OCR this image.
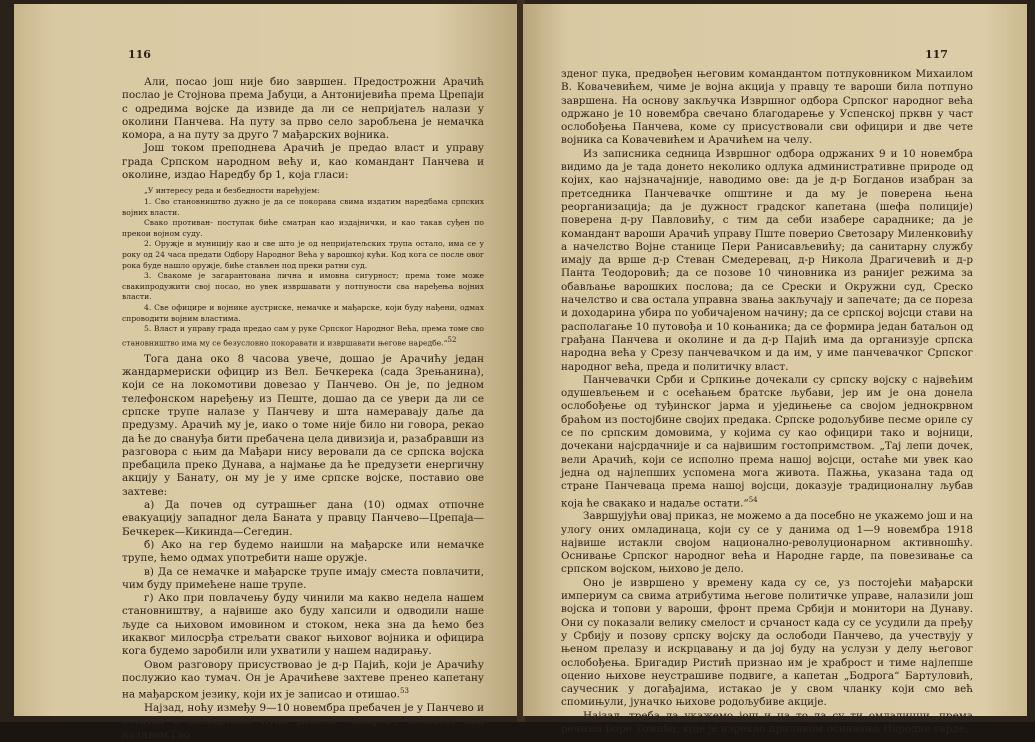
116

Али, посао још није био завршен. Предострожни Арачић послао је Стојнова према Јабуци, а Антонијевића према Црепаји с одредима војске да извиде да ли се непријатељ налази у околини Панчева. На путу за прво село заробљена је немачка комора, а на путу за друго 7 мађарских војника.

Још током преподнева Арачић је предао власт и управу града Српском народном већу и, као командант Панчева и околине, издао Наредбу бр 1, која гласи:

„У интересу реда и безбедности наређујем:

1. Сво становништво дужно је да се покорава свима издатим наредбама српских војних власти.

Свако противан- поступак биће сматран као издајнички, и као такав суђен по прекои војном суду.

2. Оружје и муницију као и све што је од непријатељских трупа остало, има се у року од 24 часа предати Одбору Народног Већа у варошкој кући. Код кога се после овог рока буде нашло оружје, биће стављен под преки ратни суд.

3. Свакоме је загарантована лична и имовна сигурност; према томе може свакипродужити свој посао, но увек извршавати у потпуности сва наређења војних власти.

4. Све официре и војнике аустриске, немачке и мађарске, који буду нађени, одмах спроводити војним властима.

5. Власт и управу града предао сам у руке Српског Народног Већа, према томе сво становништво има му се безусловно покоравати и извршавати његове наредбе.“52

Тога дана око 8 часова увече, дошао је Арачићу један жандармериски официр из Вел. Бечкерека (сада Зрењанина), који се на локомотиви довезао у Панчево. Он је, по једном телефонском наређењу из Пеште, дошао да се увери да ли се српске трупе налазе у Панчеву и шта намеравају даље да предузму. Арачић му је, иако о томе није било ни говора, рекао да ће до свануђа бити пребачена цела дивизија и, разабравши из разговора с њим да Мађари нису веровали да се српска војска пребацила преко Дунава, а најмање да ће предузети енергичну акцију у Банату, он му је у име српске војске, поставио ове захтеве:

а) Да почев од сутрашњег дана (10) одмах отпочне евакуацију западног дела Баната у правцу Панчево—Црепаја—Бечкерек—Кикинда—Сегедин.

б) Ако на гер будемо наишли на мађарске или немачке трупе, ћемо одмах употребити наше оружје.

в) Да се немачке и мађарске трупе имају сместа повлачити, чим буду примећене наше трупе.

г) Ако при повлачењу буду чинили ма какво недела нашем становништву, а највише ако буду хапсили и одводили наше људе са њиховом имовином и стоком, нека зна да ћемо без икаквог милосрђа стрељати сваког њиховог војника и официра кога будемо заробили или ухватили у нашем надирању.

Овом разговору присуствовао је д-р Пајић, који је Арачићу послужио као тумач. Он је Арачићеве захтеве пренео капетану на мађарском језику, који их је записао и отишао.$^{53}$

Најзад, ноћу између 9—10 новембра пребачен је у Панчево и остатак 2 пешадиског пука „Књаза Михајла“, познатог под називом Гво

117

зденог пука, предвођен његовим командантом потпуковником Михаилом В. Ковачевићем, чиме је војна акција у правцу те вароши била потпуно завршена. На основу закључка Извршног одбора Српског народног већа одржано је 10 новембра свечано благодарење у Успенској прквн у част ослобођења Панчева, коме су присуствовали сви официри и две чете војника са Ковачевићем и Арачићем на челу.

Из записника седница Извршног одбора одржаних 9 и 10 новембра видимо да је тада донето неколико одлука административне природе од којих, као најзначајније, наводимо ове: да је д-р Богданов изабран за претседника Панчевачке општине и да му је поверена њена реорганизација; да је дужност градског капетана (шефа полиције) поверена д-ру Павловићу, с тим да себи изабере сараднике; да је командант вароши Арачић управу Пште поверио Светозару Миленковићу а начелство Војне станице Пери Ранисављевићу; да санитарну службу имају да врше д-р Стеван Смедеревац, д-р Никола Драгичевић и д-р Панта Теодоровић; да се позове 10 чиновника из ранијег режима за обављање варошких послова; да се Срески и Окружни суд, Среско начелство и сва остала управна звања закључају и запечате; да се пореза и доходарина убира по уобичајеном начину; да се српској војсци стави на располагање 10 путовођа и 10 коњаника; да се формира један батаљон од грађана Панчева и околине и да д-р Пајић има да организује српска народна већа у Срезу панчевачком и да им, у име панчевачког Српског народног већа, преда и политичку власт.

Панчевачки Срби и Српкиње дочекали су српску војску с највећим одушевљењем и с осећањем братске љубави, јер им је она донела ослобођење од туђинског јарма и уједињење са својом једнокрвном браћом из постојбине својих предака. Српске родољубиве песме ориле су се по српским домовима, у којима су као официри тако и војници, дочекани најсрдачније и са највишим гостопримством. „Тај лепи дочек, вели Арачић, који се исполно према нашој војсци, остаће ми увек као једна од најлепших успомена мога живота. Пажња, указана тада од стране Панчевацa према нашој војсци, доказује традиционалну љубав која ће свакако и надаље остати.“$^{54}$

Завршујући овај приказ, не можемо а да посебно не укажемо још и на улогу оних омладинаца, који су се у данима од 1—9 новембра 1918 највише истакли својом национално-револуционарном активношћу. Оснивање Српског народног већа и Народне гарде, па повезивање са српском војском, њихово је дело.

Оно је извршено у времену када су се, уз постојећи мађарски империум са свима атрибутима његове политичке управе, налазили још војска и топови у вароши, фронт према Србији и монитори на Дунаву. Они су показали велику смелост и срчаност када су се усудили да пређу у Србију и позову српску војску да ослободи Панчево, да учествују у њеном прелазу и искрцавању и да јој буду на услузи у делу његовог ослобођења. Бригадир Ристић признао им је храброст и тиме најлепше оценио њихове неустрашиве подвиге, а капетан „Бодрога“ Бартуловић, саучесник у догађајима, истакао је у свом чланку који смо већ спомињули, јуначко њихове родољубиве акције.

Најзад, треба да укажемо још и на то да су ти омладинци, према речима Боре Томића, које је изрекао приликом оснивања Народне гарде,
